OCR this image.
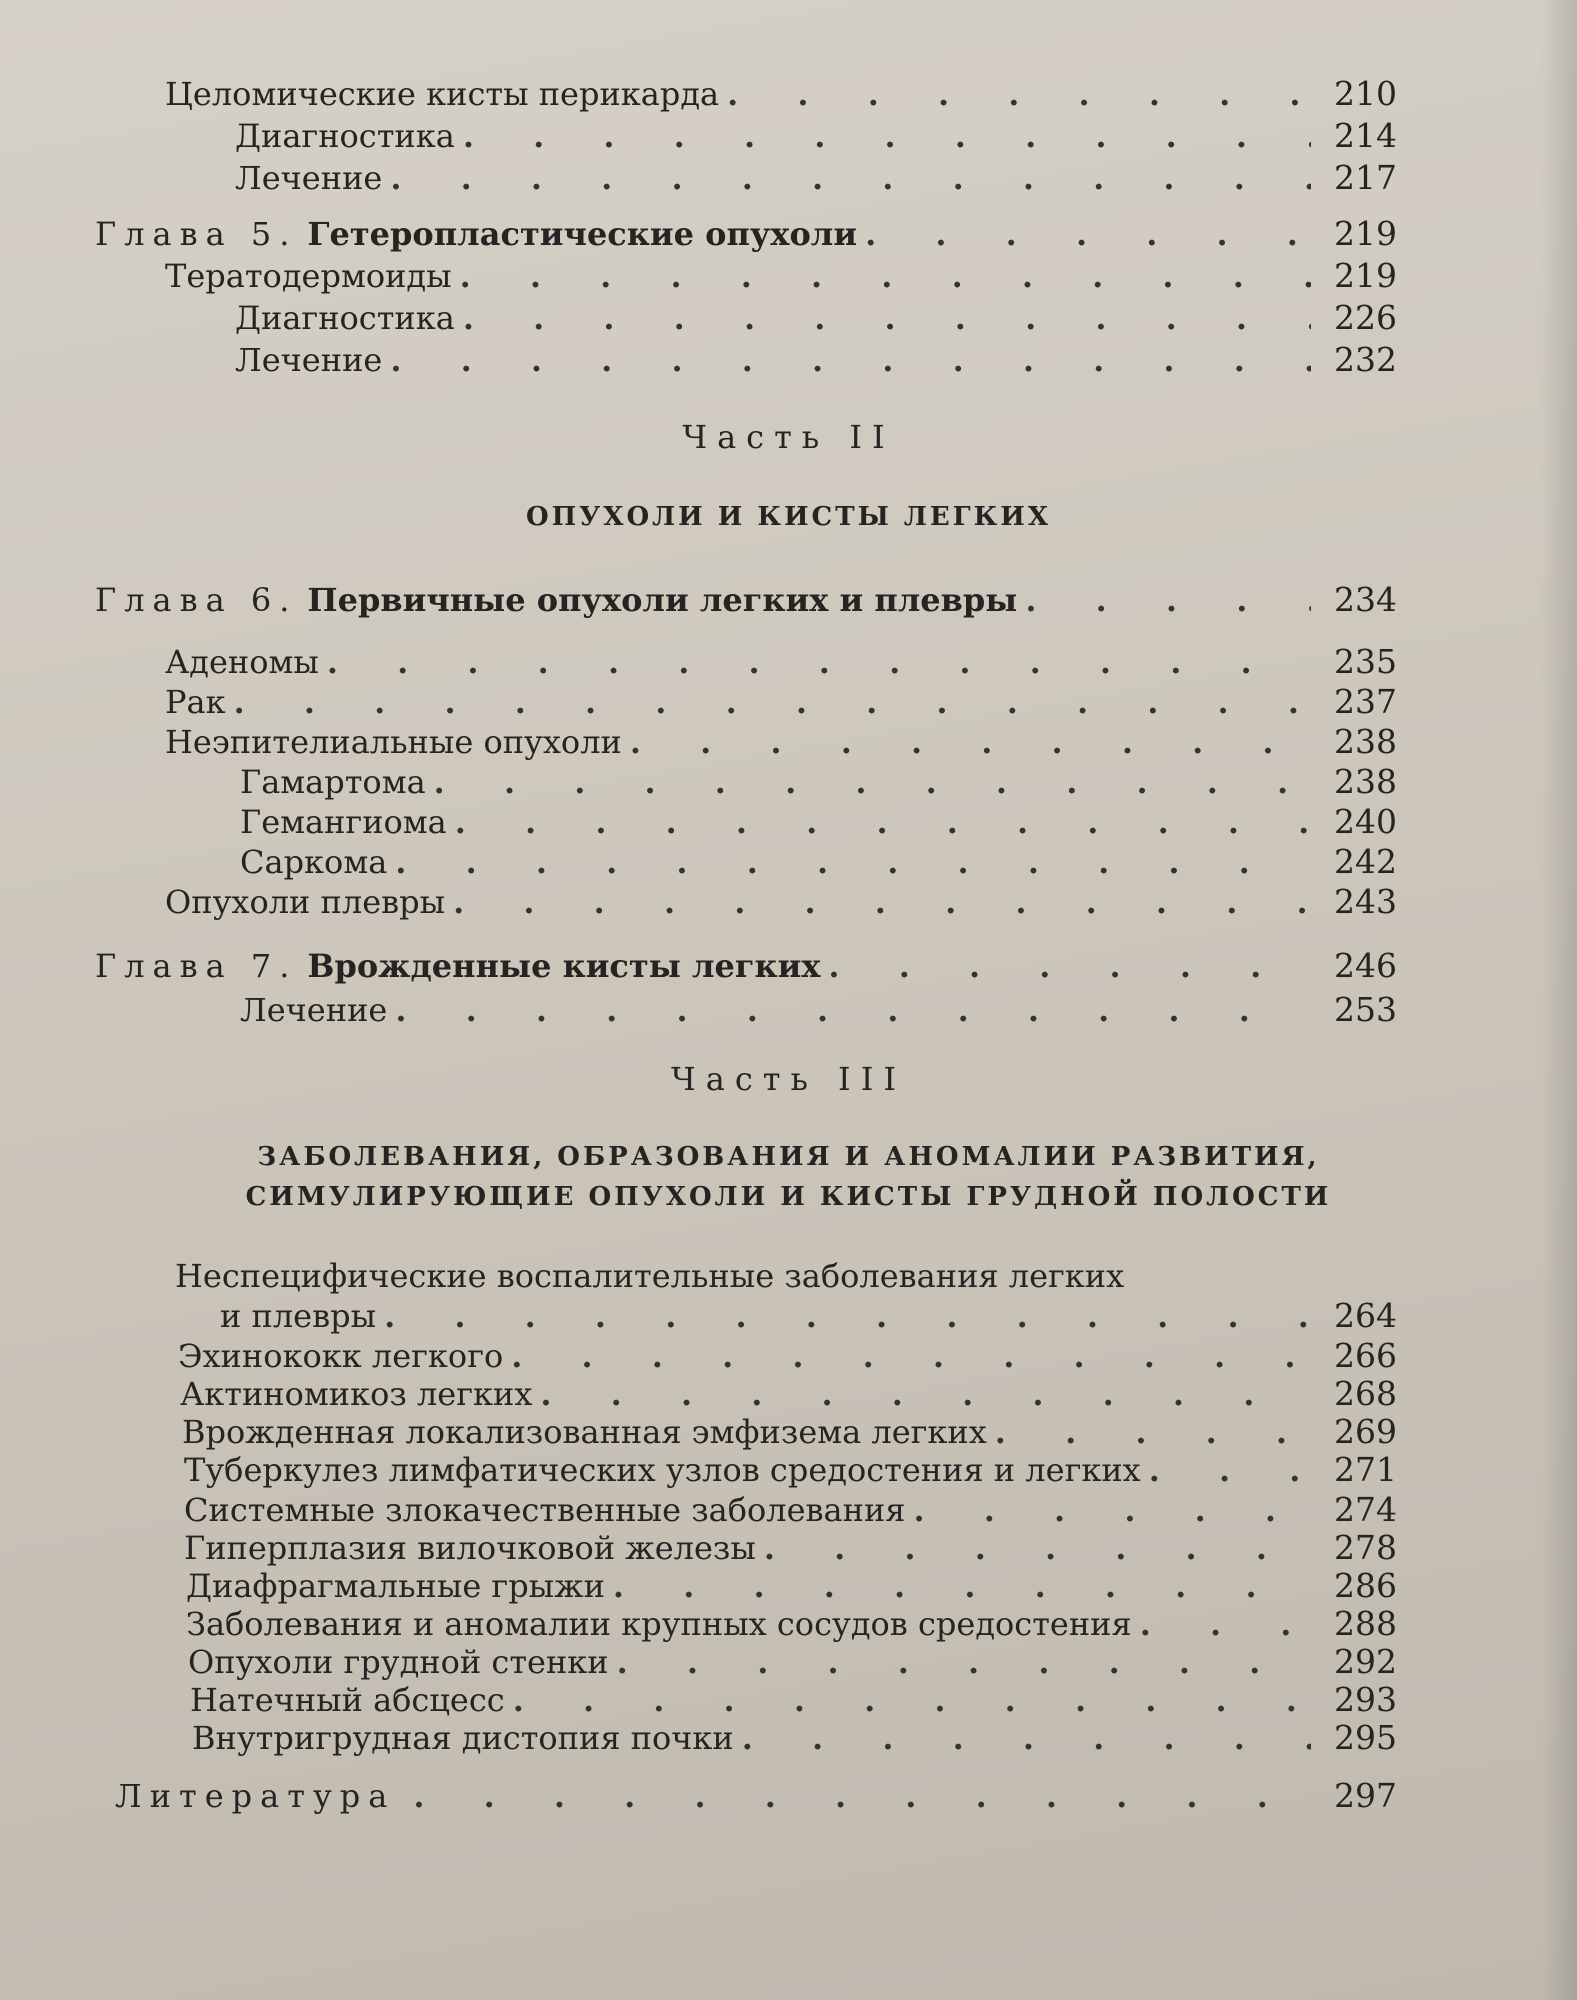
Целомические кисты перикарда . . .	210
Диагностика . . .	214
Лечение . . .	217
Глава 5. Гетеропластические опухоли . . .	219
Тератодермоиды . . .	219
Диагностика . . .	226
Лечение . . .	232
Часть II
ОПУХОЛИ И КИСТЫ ЛЕГКИХ
Глава 6. Первичные опухоли легких и плевры . . .	234
Аденомы . . .	235
Рак . . .	237
Неэпителиальные опухоли . . .	238
Гамартома . . .	238
Гемангиома . . .	240
Саркома . . .	242
Опухоли плевры . . .	243
Глава 7. Врожденные кисты легких . . .	246
Лечение . . .	253
Часть III
ЗАБОЛЕВАНИЯ, ОБРАЗОВАНИЯ И АНОМАЛИИ РАЗВИТИЯ,
СИМУЛИРУЮЩИЕ ОПУХОЛИ И КИСТЫ ГРУДНОЙ ПОЛОСТИ
Неспецифические воспалительные заболевания легких
и плевры . . .	264
Эхинококк легкого . . .	266
Актиномикоз легких . . .	268
Врожденная локализованная эмфизема легких . . .	269
Туберкулез лимфатических узлов средостения и легких . . .	271
Системные злокачественные заболевания . . .	274
Гиперплазия вилочковой железы . . .	278
Диафрагмальные грыжи . . .	286
Заболевания и аномалии крупных сосудов средостения . . .	288
Опухоли грудной стенки . . .	292
Натечный абсцесс . . .	293
Внутригрудная дистопия почки . . .	295
Литература . . .	297
